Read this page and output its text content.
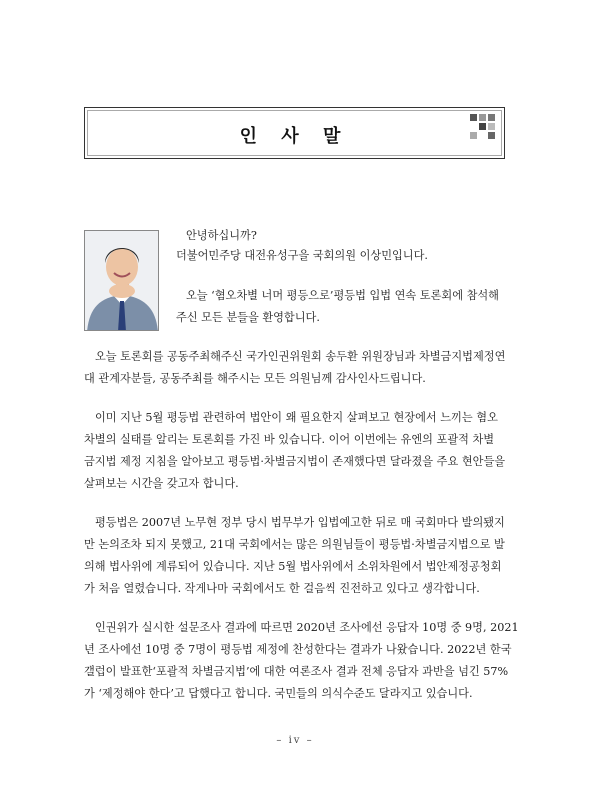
인 사 말

안녕하십니까?

더불어민주당 대전유성구을 국회의원 이상민입니다.

오늘 ‘혐오차별 너머 평등으로’평등법 입법 연속 토론회에 참석해

주신 모든 분들을 환영합니다.

오늘 토론회를 공동주최해주신 국가인권위원회 송두환 위원장님과 차별금지법제정연

대 관계자분들, 공동주최를 해주시는 모든 의원님께 감사인사드립니다.

이미 지난 5월 평등법 관련하여 법안이 왜 필요한지 살펴보고 현장에서 느끼는 혐오

차별의 실태를 알리는 토론회를 가진 바 있습니다. 이어 이번에는 유엔의 포괄적 차별

금지법 제정 지침을 알아보고 평등법·차별금지법이 존재했다면 달라졌을 주요 현안들을

살펴보는 시간을 갖고자 합니다.

평등법은 2007년 노무현 정부 당시 법무부가 입법예고한 뒤로 매 국회마다 발의됐지

만 논의조차 되지 못했고, 21대 국회에서는 많은 의원님들이 평등법·차별금지법으로 발

의해 법사위에 계류되어 있습니다. 지난 5월 법사위에서 소위차원에서 법안제정공청회

가 처음 열렸습니다. 작게나마 국회에서도 한 걸음씩 진전하고 있다고 생각합니다.

인권위가 실시한 설문조사 결과에 따르면 2020년 조사에선 응답자 10명 중 9명, 2021

년 조사에선 10명 중 7명이 평등법 제정에 찬성한다는 결과가 나왔습니다. 2022년 한국

갤럽이 발표한‘포괄적 차별금지법’에 대한 여론조사 결과 전체 응답자 과반을 넘긴 57%

가 ‘제정해야 한다’고 답했다고 합니다. 국민들의 의식수준도 달라지고 있습니다.

– iv –
